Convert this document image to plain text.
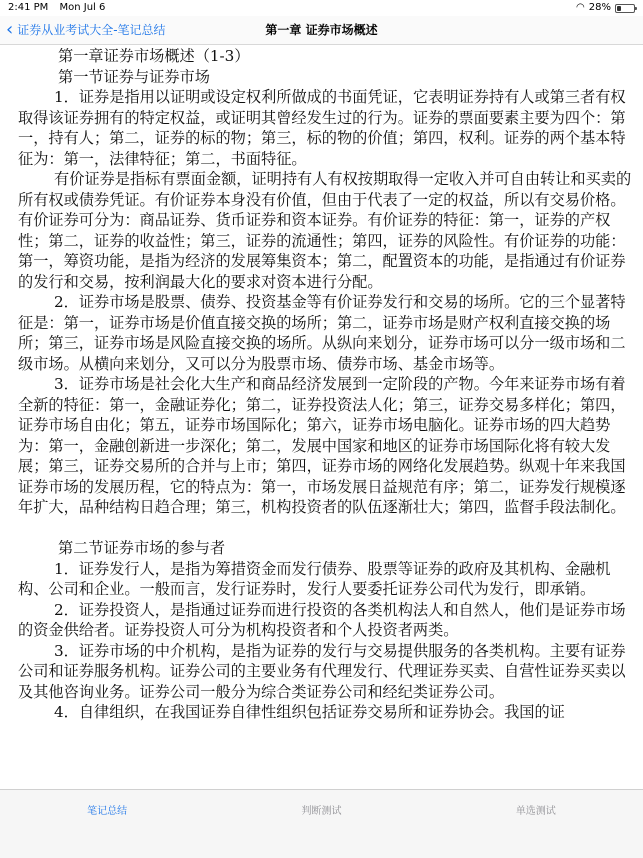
2:41 PM Mon Jul 6	◠ 28%
‹ 证券从业考试大全-笔记总结	第一章 证券市场概述

第一章证券市场概述（1-3）

第一节证券与证券市场

1．证券是指用以证明或设定权利所做成的书面凭证，它表明证券持有人或第三者有权取得该证券拥有的特定权益，或证明其曾经发生过的行为。证券的票面要素主要为四个：第一，持有人；第二，证券的标的物；第三，标的物的价值；第四，权利。证券的两个基本特征为：第一，法律特征；第二，书面特征。

有价证券是指标有票面金额，证明持有人有权按期取得一定收入并可自由转让和买卖的所有权或债券凭证。有价证券本身没有价值，但由于代表了一定的权益，所以有交易价格。有价证券可分为：商品证券、货币证券和资本证券。有价证券的特征：第一，证券的产权性；第二，证券的收益性；第三，证券的流通性；第四，证券的风险性。有价证券的功能：第一，筹资功能，是指为经济的发展筹集资本；第二，配置资本的功能，是指通过有价证券的发行和交易，按利润最大化的要求对资本进行分配。

2．证券市场是股票、债券、投资基金等有价证券发行和交易的场所。它的三个显著特征是：第一，证券市场是价值直接交换的场所；第二，证券市场是财产权利直接交换的场所；第三，证券市场是风险直接交换的场所。从纵向来划分，证券市场可以分一级市场和二级市场。从横向来划分，又可以分为股票市场、债券市场、基金市场等。

3．证券市场是社会化大生产和商品经济发展到一定阶段的产物。今年来证券市场有着全新的特征：第一，金融证券化；第二，证券投资法人化；第三，证券交易多样化；第四，证券市场自由化；第五，证券市场国际化；第六，证券市场电脑化。证券市场的四大趋势为：第一，金融创新进一步深化；第二，发展中国家和地区的证券市场国际化将有较大发展；第三，证券交易所的合并与上市；第四，证券市场的网络化发展趋势。纵观十年来我国证券市场的发展历程，它的特点为：第一，市场发展日益规范有序；第二，证券发行规模逐年扩大，品种结构日趋合理；第三，机构投资者的队伍逐渐壮大；第四，监督手段法制化。

第二节证券市场的参与者

1．证券发行人，是指为筹措资金而发行债券、股票等证券的政府及其机构、金融机构、公司和企业。一般而言，发行证券时，发行人要委托证券公司代为发行，即承销。

2．证券投资人，是指通过证券而进行投资的各类机构法人和自然人，他们是证券市场的资金供给者。证券投资人可分为机构投资者和个人投资者两类。

3．证券市场的中介机构，是指为证券的发行与交易提供服务的各类机构。主要有证券公司和证券服务机构。证券公司的主要业务有代理发行、代理证券买卖、自营性证券买卖以及其他咨询业务。证券公司一般分为综合类证券公司和经纪类证券公司。

4．自律组织，在我国证券自律性组织包括证券交易所和证券协会。我国的证

笔记总结	判断测试	单选测试
